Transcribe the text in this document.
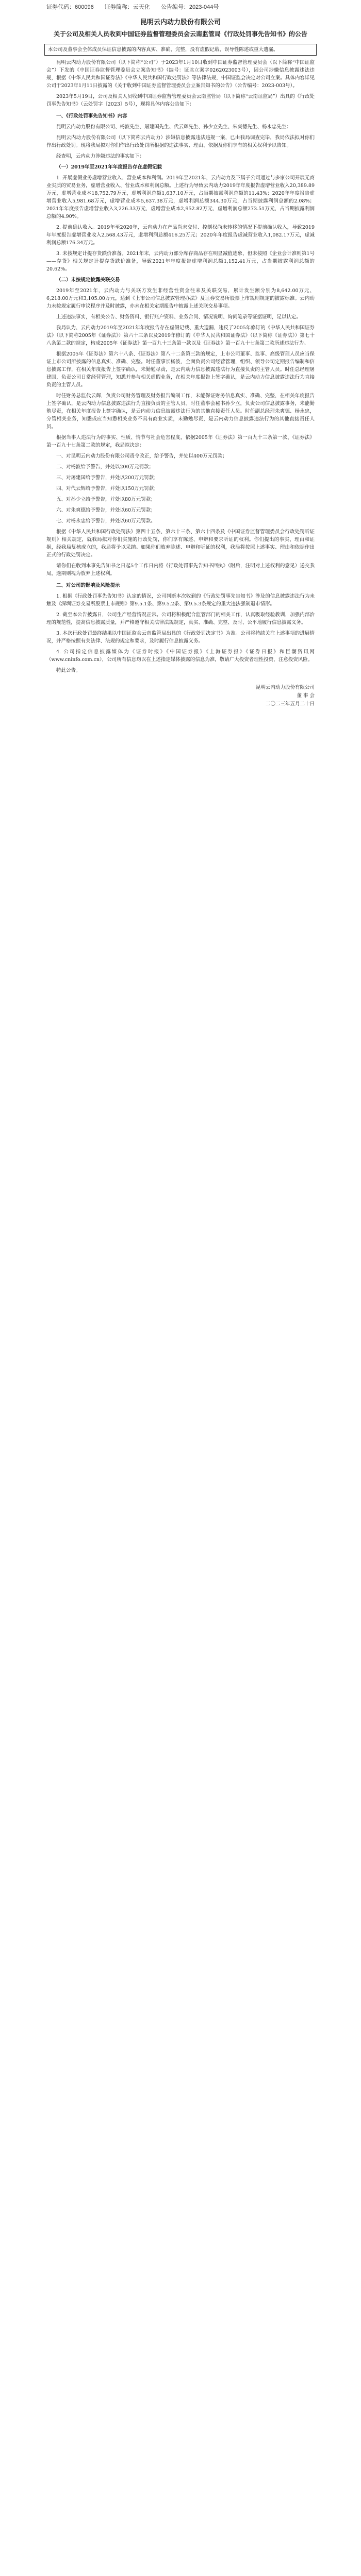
证券代码：600096 证券简称：云天化 公告编号：2023-044号
昆明云内动力股份有限公司
关于公司及相关人员收到中国证券监督管理委员会云南监管局《行政处罚事先告知书》的公告
本公司及董事会全体成员保证信息披露的内容真实、准确、完整，没有虚假记载、误导性陈述或重大遗漏。

昆明云内动力股份有限公司（以下简称“公司”）于2023年1月10日收到中国证券监督管理委员会（以下简称“中国证监会”）下发的《中国证券监督管理委员会立案告知书》（编号：证监立案字0262023003号），因公司涉嫌信息披露违法违规，根据《中华人民共和国证券法》《中华人民共和国行政处罚法》等法律法规，中国证监会决定对公司立案。具体内容详见公司于2023年1月11日披露的《关于收到中国证券监督管理委员会立案告知书的公告》（公告编号：2023-003号）。

2023年5月19日，公司及相关人员收到中国证券监督管理委员会云南监管局（以下简称“云南证监局”）出具的《行政处罚事先告知书》（云处罚字〔2023〕5号），现将具体内容公告如下：

一、《行政处罚事先告知书》内容

昆明云内动力股份有限公司、杨波先生、屠建国先生、代云辉先生、孙少立先生、朱爽德先生、杨永忠先生：

昆明云内动力股份有限公司（以下简称云内动力）涉嫌信息披露违法违规一案，已由我局调查完毕，我局依法拟对你们作出行政处罚。现将我局拟对你们作出行政处罚所根据的违法事实、理由、依据及你们享有的相关权利予以告知。

经查明，云内动力涉嫌违法的事实如下：

（一）2019年至2021年年度报告存在虚假记载

1. 开展虚假业务虚增营业收入、营业成本和利润。2019年至2021年，云内动力及下属子公司通过与多家公司开展无商业实质的贸易业务，虚增营业收入、营业成本和利润总额。上述行为导致云内动力2019年年度报告虚增营业收入20,389.89万元，虚增营业成本18,752.79万元，虚增利润总额1,637.10万元，占当期披露利润总额的11.43%；2020年年度报告虚增营业收入5,981.68万元，虚增营业成本5,637.38万元，虚增利润总额344.30万元，占当期披露利润总额的2.08%；2021年年度报告虚增营业收入3,226.33万元，虚增营业成本2,952.82万元，虚增利润总额273.51万元，占当期披露利润总额的4.90%。

2. 提前确认收入。2019年至2020年，云内动力在产品尚未交付、控制权尚未转移的情况下提前确认收入，导致2019年年度报告虚增营业收入2,568.43万元，虚增利润总额416.25万元；2020年年度报告虚减营业收入1,082.17万元，虚减利润总额176.34万元。

3. 未按规定计提存货跌价准备。2021年末，云内动力部分库存商品存在明显减值迹象，但未按照《企业会计准则第1号——存货》相关规定计提存货跌价准备，导致2021年年度报告虚增利润总额1,152.41万元，占当期披露利润总额的20.62%。

（二）未按规定披露关联交易

2019年至2021年，云内动力与关联方发生非经营性资金往来及关联交易，累计发生额分别为8,642.00万元、6,218.00万元和3,105.00万元，达到《上市公司信息披露管理办法》及证券交易所股票上市规则规定的披露标准。云内动力未按规定履行审议程序并及时披露，亦未在相关定期报告中披露上述关联交易事项。

上述违法事实，有相关公告、财务资料、银行账户资料、业务合同、情况说明、询问笔录等证据证明，足以认定。

我局认为，云内动力2019年至2021年年度报告存在虚假记载、重大遗漏，违反了2005年修订的《中华人民共和国证券法》（以下简称2005年《证券法》）第六十三条以及2019年修订的《中华人民共和国证券法》（以下简称《证券法》）第七十八条第二款的规定，构成2005年《证券法》第一百九十三条第一款以及《证券法》第一百九十七条第二款所述违法行为。

根据2005年《证券法》第六十八条、《证券法》第八十二条第三款的规定，上市公司董事、监事、高级管理人员应当保证上市公司所披露的信息真实、准确、完整。时任董事长杨波，全面负责公司经营管理，组织、领导公司定期报告编制和信息披露工作，在相关年度报告上签字确认，未勤勉尽责，是云内动力信息披露违法行为直接负责的主管人员。时任总经理屠建国，负责公司日常经营管理，知悉并参与相关虚假业务，在相关年度报告上签字确认，是云内动力信息披露违法行为直接负责的主管人员。

时任财务总监代云辉，负责公司财务管理及财务报告编制工作，未能保证财务信息真实、准确、完整，在相关年度报告上签字确认，是云内动力信息披露违法行为直接负责的主管人员。时任董事会秘书孙少立，负责公司信息披露事务，未能勤勉尽责，在相关年度报告上签字确认，是云内动力信息披露违法行为的其他直接责任人员。时任副总经理朱爽德、杨永忠，分管相关业务，知悉或应当知悉相关业务不具有商业实质，未勤勉尽责，是云内动力信息披露违法行为的其他直接责任人员。

根据当事人违法行为的事实、性质、情节与社会危害程度，依据2005年《证券法》第一百九十三条第一款、《证券法》第一百九十七条第二款的规定，我局拟决定：

一、对昆明云内动力股份有限公司责令改正，给予警告，并处以400万元罚款；

二、对杨波给予警告，并处以200万元罚款；

三、对屠建国给予警告，并处以200万元罚款；

四、对代云辉给予警告，并处以150万元罚款；

五、对孙少立给予警告，并处以80万元罚款；

六、对朱爽德给予警告，并处以60万元罚款；

七、对杨永忠给予警告，并处以60万元罚款。

根据《中华人民共和国行政处罚法》第四十五条、第六十三条、第六十四条及《中国证券监督管理委员会行政处罚听证规则》相关规定，就我局拟对你们实施的行政处罚，你们享有陈述、申辩和要求听证的权利。你们提出的事实、理由和证据，经我局复核成立的，我局将予以采纳。如果你们放弃陈述、申辩和听证的权利，我局将按照上述事实、理由和依据作出正式的行政处罚决定。

请你们在收到本事先告知书之日起5个工作日内将《行政处罚事先告知书回执》（附后，注明对上述权利的意见）递交我局，逾期则视为放弃上述权利。

二、对公司的影响及风险提示

1. 根据《行政处罚事先告知书》认定的情况，公司判断本次收到的《行政处罚事先告知书》涉及的信息披露违法行为未触及《深圳证券交易所股票上市规则》第9.5.1条、第9.5.2条、第9.5.3条规定的重大违法强制退市情形。

2. 截至本公告披露日，公司生产经营情况正常。公司将积极配合监管部门的相关工作，认真吸取经验教训，加强内部治理的规范性，提高信息披露质量，并严格遵守相关法律法规规定，真实、准确、完整、及时、公平地履行信息披露义务。

3. 本次行政处罚最终结果以中国证监会云南监管局出具的《行政处罚决定书》为准。公司将持续关注上述事项的进展情况，并严格按照有关法律、法规的规定和要求，及时履行信息披露义务。

4. 公司指定信息披露媒体为《证券时报》《中国证券报》《上海证券报》《证券日报》和巨潮资讯网（www.cninfo.com.cn），公司所有信息均以在上述指定媒体披露的信息为准，敬请广大投资者理性投资，注意投资风险。

特此公告。

昆明云内动力股份有限公司
董 事 会
二〇二三年五月二十日
